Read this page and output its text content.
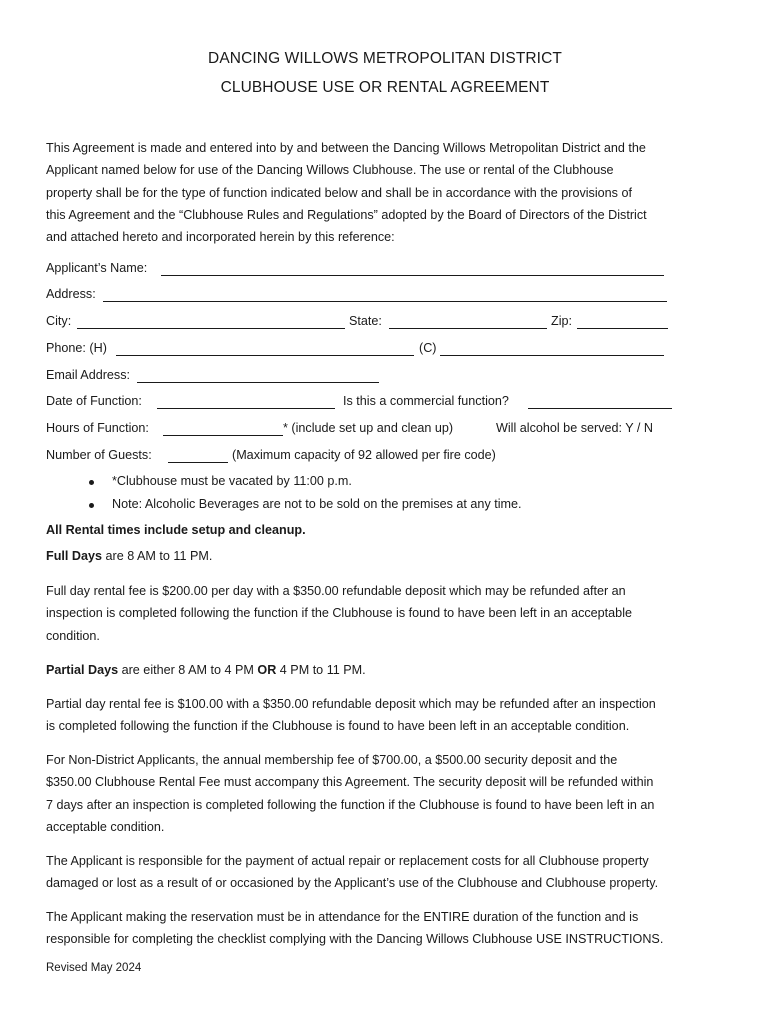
DANCING WILLOWS METROPOLITAN DISTRICT
CLUBHOUSE USE OR RENTAL AGREEMENT
This Agreement is made and entered into by and between the Dancing Willows Metropolitan District and the
Applicant named below for use of the Dancing Willows Clubhouse. The use or rental of the Clubhouse
property shall be for the type of function indicated below and shall be in accordance with the provisions of
this Agreement and the “Clubhouse Rules and Regulations” adopted by the Board of Directors of the District
and attached hereto and incorporated herein by this reference:
Applicant’s Name:
Address:
City:	State:	Zip:
Phone: (H)	(C)
Email Address:
Date of Function:	Is this a commercial function?
Hours of Function:	* (include set up and clean up)	Will alcohol be served: Y / N
Number of Guests:	(Maximum capacity of 92 allowed per fire code)
*Clubhouse must be vacated by 11:00 p.m.
Note: Alcoholic Beverages are not to be sold on the premises at any time.
All Rental times include setup and cleanup.
Full Days are 8 AM to 11 PM.
Full day rental fee is $200.00 per day with a $350.00 refundable deposit which may be refunded after an
inspection is completed following the function if the Clubhouse is found to have been left in an acceptable
condition.
Partial Days are either 8 AM to 4 PM OR 4 PM to 11 PM.
Partial day rental fee is $100.00 with a $350.00 refundable deposit which may be refunded after an inspection
is completed following the function if the Clubhouse is found to have been left in an acceptable condition.
For Non-District Applicants, the annual membership fee of $700.00, a $500.00 security deposit and the
$350.00 Clubhouse Rental Fee must accompany this Agreement. The security deposit will be refunded within
7 days after an inspection is completed following the function if the Clubhouse is found to have been left in an
acceptable condition.
The Applicant is responsible for the payment of actual repair or replacement costs for all Clubhouse property
damaged or lost as a result of or occasioned by the Applicant’s use of the Clubhouse and Clubhouse property.
The Applicant making the reservation must be in attendance for the ENTIRE duration of the function and is
responsible for completing the checklist complying with the Dancing Willows Clubhouse USE INSTRUCTIONS.
Revised May 2024
